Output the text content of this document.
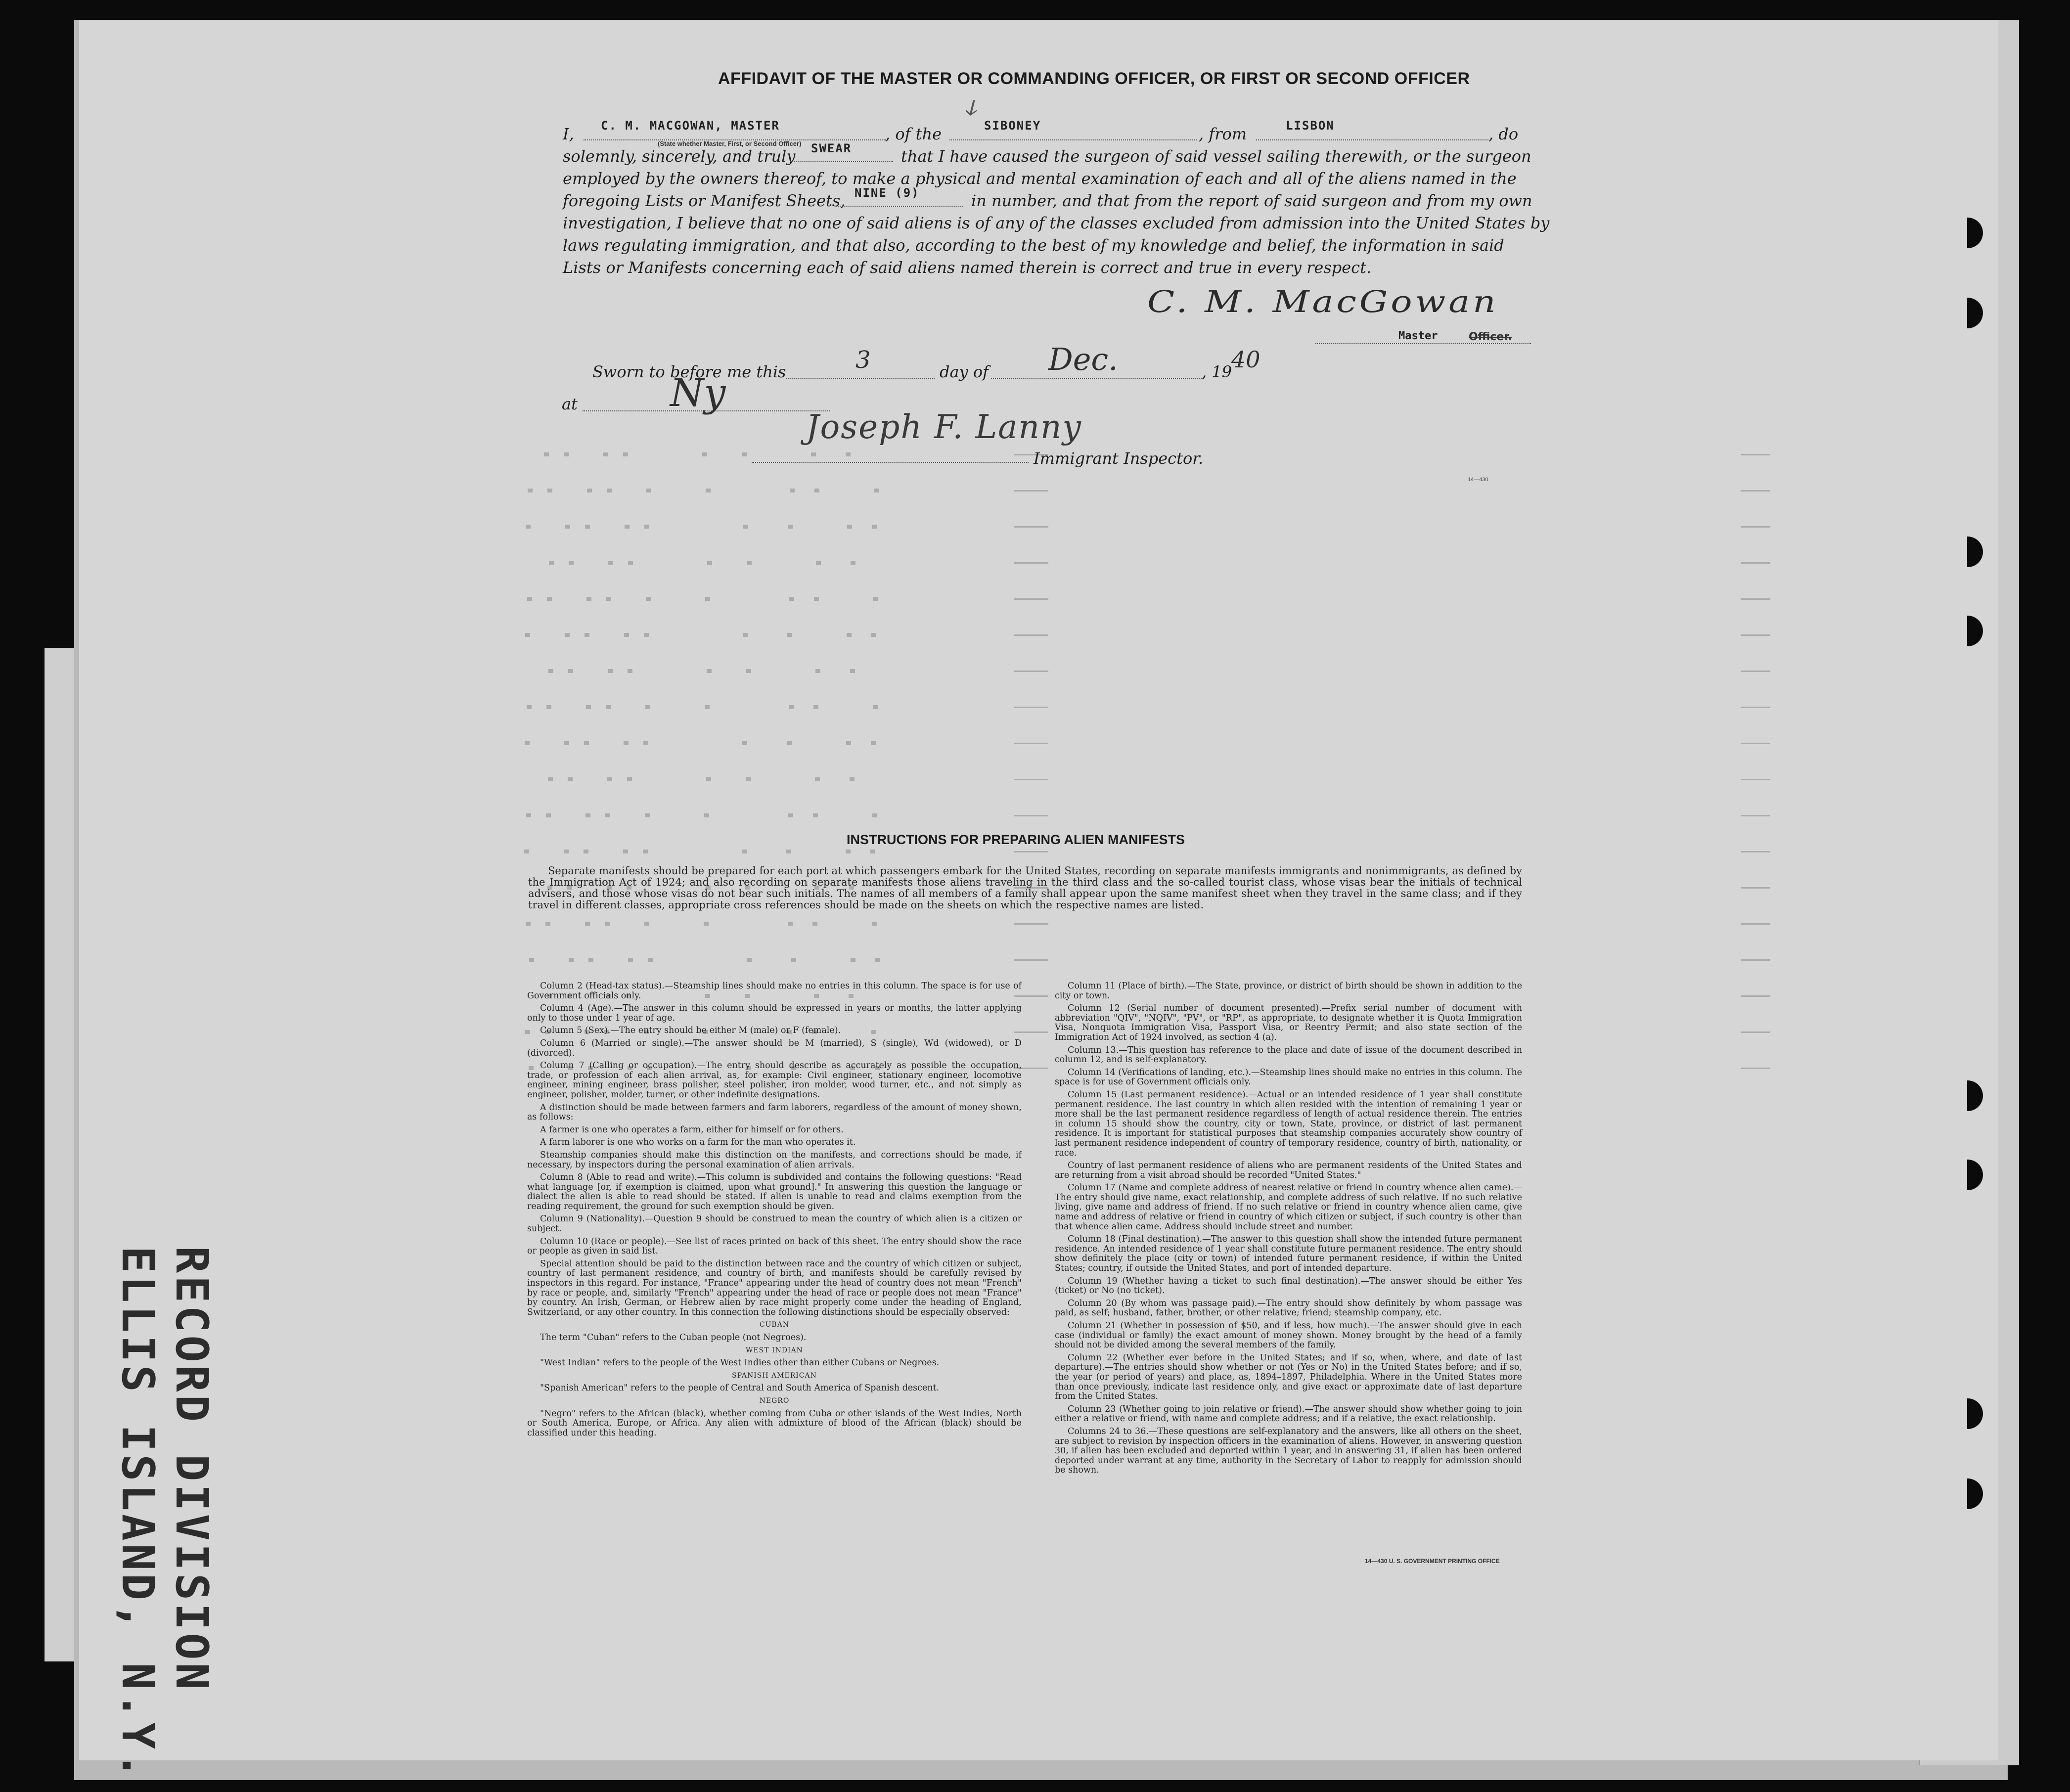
AFFIDAVIT OF THE MASTER OR COMMANDING OFFICER, OR FIRST OR SECOND OFFICER
ↆ
I, C. M. MACGOWAN, MASTER
(State whether Master, First, or Second Officer)
, of the	SIBONEY	, from	LISBON	, do
solemnly, sincerely, and truly SWEAR	that I have caused the surgeon of said vessel sailing therewith, or the surgeon
employed by the owners thereof, to make a physical and mental examination of each and all of the aliens named in the
foregoing Lists or Manifest Sheets, NINE (9)	in number, and that from the report of said surgeon and from my own
investigation, I believe that no one of said aliens is of any of the classes excluded from admission into the United States by
laws regulating immigration, and that also, according to the best of my knowledge and belief, the information in said
Lists or Manifests concerning each of said aliens named therein is correct and true in every respect.
C. M. MacGowan
Master	Officer.
Sworn to before me this	3	day of Dec.	, 19
40
at Ny
Joseph F. Lanny
Immigrant Inspector.
14—430
INSTRUCTIONS FOR PREPARING ALIEN MANIFESTS
Separate manifests should be prepared for each port at which passengers embark for the United States, recording on separate manifests immigrants and nonimmigrants, as defined by the Immigration Act of 1924; and also recording on separate manifests those aliens traveling in the third class and the so-called tourist class, whose visas bear the initials of technical advisers, and those whose visas do not bear such initials. The names of all members of a family shall appear upon the same manifest sheet when they travel in the same class; and if they travel in different classes, appropriate cross references should be made on the sheets on which the respective names are listed.

Column 2 (Head-tax status).—Steamship lines should make no entries in this column. The space is for use of Government officials only.

Column 4 (Age).—The answer in this column should be expressed in years or months, the latter applying only to those under 1 year of age.

Column 5 (Sex).—The entry should be either M (male) or F (female).

Column 6 (Married or single).—The answer should be M (married), S (single), Wd (widowed), or D (divorced).

Column 7 (Calling or occupation).—The entry should describe as accurately as possible the occupation, trade, or profession of each alien arrival, as, for example: Civil engineer, stationary engineer, locomotive engineer, mining engineer, brass polisher, steel polisher, iron molder, wood turner, etc., and not simply as engineer, polisher, molder, turner, or other indefinite designations.

A distinction should be made between farmers and farm laborers, regardless of the amount of money shown, as follows:

A farmer is one who operates a farm, either for himself or for others.

A farm laborer is one who works on a farm for the man who operates it.

Steamship companies should make this distinction on the manifests, and corrections should be made, if necessary, by inspectors during the personal examination of alien arrivals.

Column 8 (Able to read and write).—This column is subdivided and contains the following questions: "Read what language [or, if exemption is claimed, upon what ground]." In answering this question the language or dialect the alien is able to read should be stated. If alien is unable to read and claims exemption from the reading requirement, the ground for such exemption should be given.

Column 9 (Nationality).—Question 9 should be construed to mean the country of which alien is a citizen or subject.

Column 10 (Race or people).—See list of races printed on back of this sheet. The entry should show the race or people as given in said list.

Special attention should be paid to the distinction between race and the country of which citizen or subject, country of last permanent residence, and country of birth, and manifests should be carefully revised by inspectors in this regard. For instance, "France" appearing under the head of country does not mean "French" by race or people, and, similarly "French" appearing under the head of race or people does not mean "France" by country. An Irish, German, or Hebrew alien by race might properly come under the heading of England, Switzerland, or any other country. In this connection the following distinctions should be especially observed:

CUBAN

The term "Cuban" refers to the Cuban people (not Negroes).

WEST INDIAN

"West Indian" refers to the people of the West Indies other than either Cubans or Negroes.

SPANISH AMERICAN

"Spanish American" refers to the people of Central and South America of Spanish descent.

NEGRO

"Negro" refers to the African (black), whether coming from Cuba or other islands of the West Indies, North or South America, Europe, or Africa. Any alien with admixture of blood of the African (black) should be classified under this heading.

Column 11 (Place of birth).—The State, province, or district of birth should be shown in addition to the city or town.

Column 12 (Serial number of document presented).—Prefix serial number of document with abbreviation "QIV", "NQIV", "PV", or "RP", as appropriate, to designate whether it is Quota Immigration Visa, Nonquota Immigration Visa, Passport Visa, or Reentry Permit; and also state section of the Immigration Act of 1924 involved, as section 4 (a).

Column 13.—This question has reference to the place and date of issue of the document described in column 12, and is self-explanatory.

Column 14 (Verifications of landing, etc.).—Steamship lines should make no entries in this column. The space is for use of Government officials only.

Column 15 (Last permanent residence).—Actual or an intended residence of 1 year shall constitute permanent residence. The last country in which alien resided with the intention of remaining 1 year or more shall be the last permanent residence regardless of length of actual residence therein. The entries in column 15 should show the country, city or town, State, province, or district of last permanent residence. It is important for statistical purposes that steamship companies accurately show country of last permanent residence independent of country of temporary residence, country of birth, nationality, or race.

Country of last permanent residence of aliens who are permanent residents of the United States and are returning from a visit abroad should be recorded "United States."

Column 17 (Name and complete address of nearest relative or friend in country whence alien came).—The entry should give name, exact relationship, and complete address of such relative. If no such relative living, give name and address of friend. If no such relative or friend in country whence alien came, give name and address of relative or friend in country of which citizen or subject, if such country is other than that whence alien came. Address should include street and number.

Column 18 (Final destination).—The answer to this question shall show the intended future permanent residence. An intended residence of 1 year shall constitute future permanent residence. The entry should show definitely the place (city or town) of intended future permanent residence, if within the United States; country, if outside the United States, and port of intended departure.

Column 19 (Whether having a ticket to such final destination).—The answer should be either Yes (ticket) or No (no ticket).

Column 20 (By whom was passage paid).—The entry should show definitely by whom passage was paid, as self; husband, father, brother, or other relative; friend; steamship company, etc.

Column 21 (Whether in possession of $50, and if less, how much).—The answer should give in each case (individual or family) the exact amount of money shown. Money brought by the head of a family should not be divided among the several members of the family.

Column 22 (Whether ever before in the United States; and if so, when, where, and date of last departure).—The entries should show whether or not (Yes or No) in the United States before; and if so, the year (or period of years) and place, as, 1894–1897, Philadelphia. Where in the United States more than once previously, indicate last residence only, and give exact or approximate date of last departure from the United States.

Column 23 (Whether going to join relative or friend).—The answer should show whether going to join either a relative or friend, with name and complete address; and if a relative, the exact relationship.

Columns 24 to 36.—These questions are self-explanatory and the answers, like all others on the sheet, are subject to revision by inspection officers in the examination of aliens. However, in answering question 30, if alien has been excluded and deported within 1 year, and in answering 31, if alien has been ordered deported under warrant at any time, authority in the Secretary of Labor to reapply for admission should be shown.

14—430 U. S. GOVERNMENT PRINTING OFFICE
RECORD DIVISION
ELLIS ISLAND, N.Y.
